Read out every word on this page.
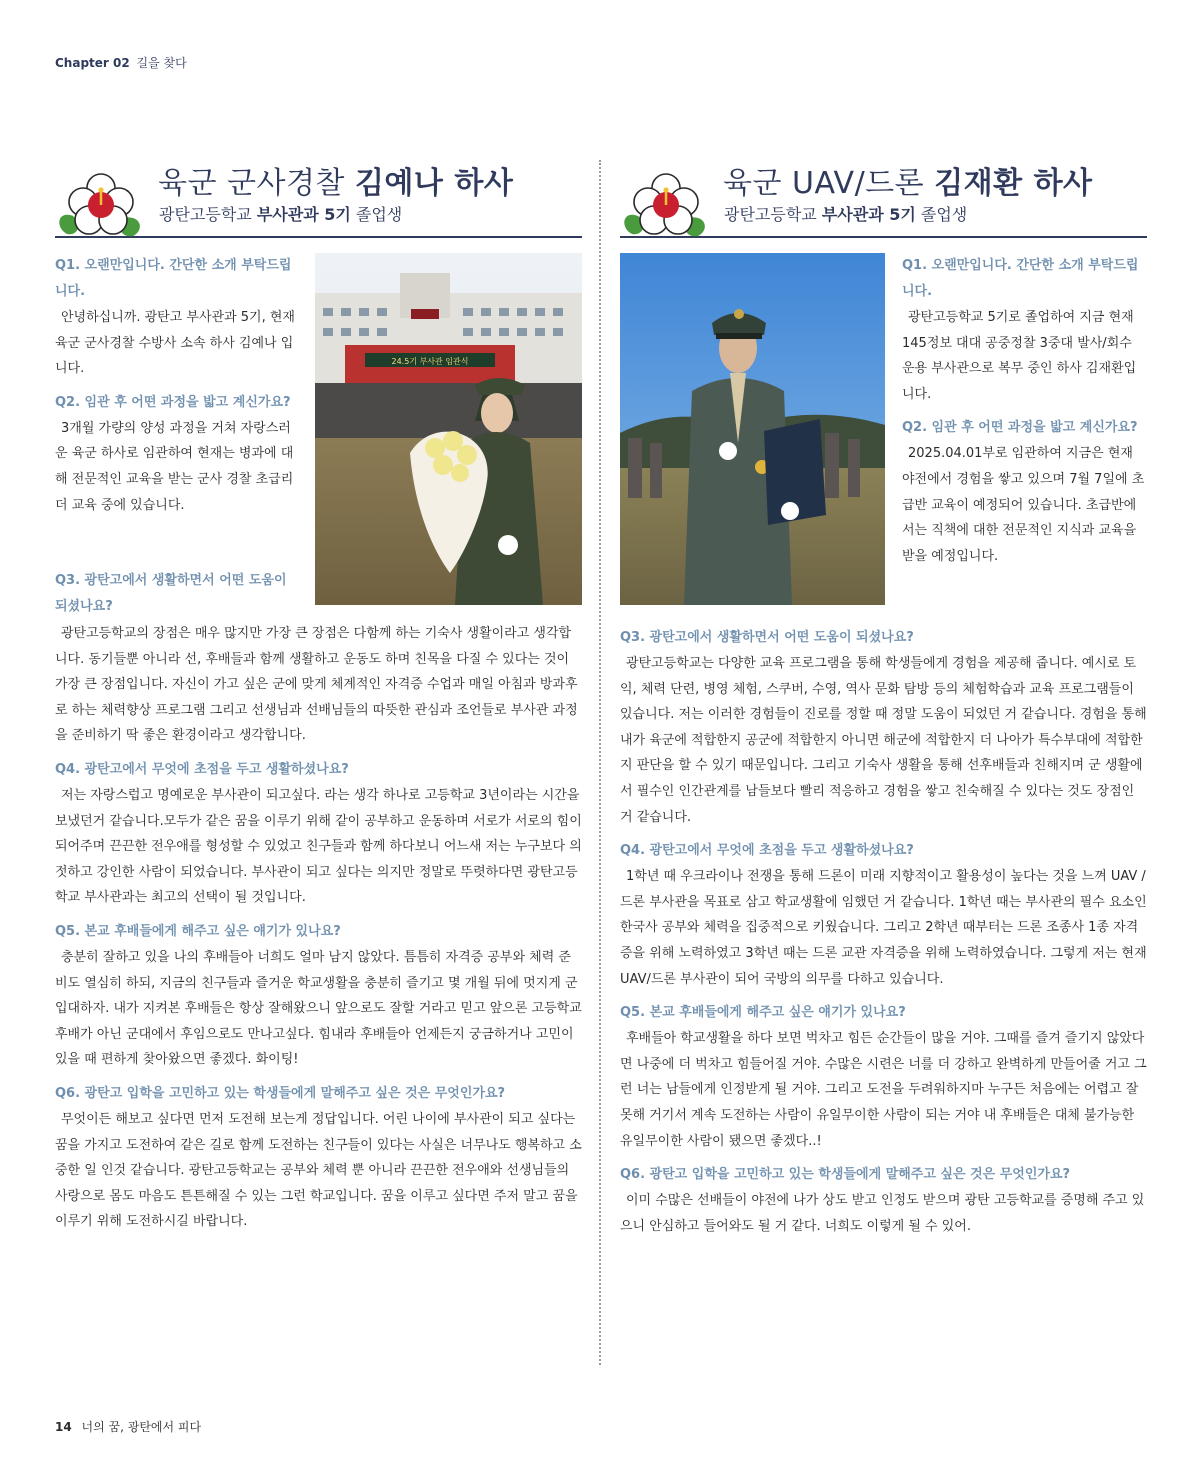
Chapter 02 길을 찾다
육군 군사경찰 김예나 하사
광탄고등학교 부사관과 5기 졸업생
24.5기 부사관 임관식

Q1. 오랜만입니다. 간단한 소개 부탁드립니다.

안녕하십니까. 광탄고 부사관과 5기, 현재 육군 군사경찰 수방사 소속 하사 김예나 입니다.

Q2. 임관 후 어떤 과정을 밟고 계신가요?

3개월 가량의 양성 과정을 거쳐 자랑스러운 육군 하사로 임관하여 현재는 병과에 대해 전문적인 교육을 받는 군사 경찰 초급리더 교육 중에 있습니다.

Q3. 광탄고에서 생활하면서 어떤 도움이 되셨나요?

광탄고등학교의 장점은 매우 많지만 가장 큰 장점은 다함께 하는 기숙사 생활이라고 생각합니다. 동기들뿐 아니라 선, 후배들과 함께 생활하고 운동도 하며 친목을 다질 수 있다는 것이 가장 큰 장점입니다. 자신이 가고 싶은 군에 맞게 체계적인 자격증 수업과 매일 아침과 방과후로 하는 체력향상 프로그램 그리고 선생님과 선배님들의 따뜻한 관심과 조언들로 부사관 과정을 준비하기 딱 좋은 환경이라고 생각합니다.

Q4. 광탄고에서 무엇에 초점을 두고 생활하셨나요?

저는 자랑스럽고 명예로운 부사관이 되고싶다. 라는 생각 하나로 고등학교 3년이라는 시간을 보냈던거 같습니다.모두가 같은 꿈을 이루기 위해 같이 공부하고 운동하며 서로가 서로의 힘이 되어주며 끈끈한 전우애를 형성할 수 있었고 친구들과 함께 하다보니 어느새 저는 누구보다 의젓하고 강인한 사람이 되었습니다. 부사관이 되고 싶다는 의지만 정말로 뚜렷하다면 광탄고등학교 부사관과는 최고의 선택이 될 것입니다.

Q5. 본교 후배들에게 해주고 싶은 얘기가 있나요?

충분히 잘하고 있을 나의 후배들아 너희도 얼마 남지 않았다. 틈틈히 자격증 공부와 체력 준비도 열심히 하되, 지금의 친구들과 즐거운 학교생활을 충분히 즐기고 몇 개월 뒤에 멋지게 군 입대하자. 내가 지켜본 후배들은 항상 잘해왔으니 앞으로도 잘할 거라고 믿고 앞으론 고등학교 후배가 아닌 군대에서 후임으로도 만나고싶다. 힘내라 후배들아 언제든지 궁금하거나 고민이 있을 때 편하게 찾아왔으면 좋겠다. 화이팅!

Q6. 광탄고 입학을 고민하고 있는 학생들에게 말해주고 싶은 것은 무엇인가요?

무엇이든 해보고 싶다면 먼저 도전해 보는게 정답입니다. 어린 나이에 부사관이 되고 싶다는 꿈을 가지고 도전하여 같은 길로 함께 도전하는 친구들이 있다는 사실은 너무나도 행복하고 소중한 일 인것 같습니다. 광탄고등학교는 공부와 체력 뿐 아니라 끈끈한 전우애와 선생님들의 사랑으로 몸도 마음도 튼튼해질 수 있는 그런 학교입니다. 꿈을 이루고 싶다면 주저 말고 꿈을 이루기 위해 도전하시길 바랍니다.

육군 UAV/드론 김재환 하사
광탄고등학교 부사관과 5기 졸업생

Q1. 오랜만입니다. 간단한 소개 부탁드립니다.

광탄고등학교 5기로 졸업하여 지금 현재 145정보 대대 공중정찰 3중대 발사/회수 운용 부사관으로 복무 중인 하사 김재환입니다.

Q2. 임관 후 어떤 과정을 밟고 계신가요?

2025.04.01부로 임관하여 지금은 현재 야전에서 경험을 쌓고 있으며 7월 7일에 초급반 교육이 예정되어 있습니다. 초급반에서는 직책에 대한 전문적인 지식과 교육을 받을 예정입니다.

Q3. 광탄고에서 생활하면서 어떤 도움이 되셨나요?

광탄고등학교는 다양한 교육 프로그램을 통해 학생들에게 경험을 제공해 줍니다. 예시로 토익, 체력 단련, 병영 체험, 스쿠버, 수영, 역사 문화 탐방 등의 체험학습과 교육 프로그램들이 있습니다. 저는 이러한 경험들이 진로를 정할 때 정말 도움이 되었던 거 같습니다. 경험을 통해 내가 육군에 적합한지 공군에 적합한지 아니면 해군에 적합한지 더 나아가 특수부대에 적합한지 판단을 할 수 있기 때문입니다. 그리고 기숙사 생활을 통해 선후배들과 친해지며 군 생활에서 필수인 인간관계를 남들보다 빨리 적응하고 경험을 쌓고 친숙해질 수 있다는 것도 장점인 거 같습니다.

Q4. 광탄고에서 무엇에 초점을 두고 생활하셨나요?

1학년 때 우크라이나 전쟁을 통해 드론이 미래 지향적이고 활용성이 높다는 것을 느껴 UAV / 드론 부사관을 목표로 삼고 학교생활에 임했던 거 같습니다. 1학년 때는 부사관의 필수 요소인 한국사 공부와 체력을 집중적으로 키웠습니다. 그리고 2학년 때부터는 드론 조종사 1종 자격증을 위해 노력하였고 3학년 때는 드론 교관 자격증을 위해 노력하였습니다. 그렇게 저는 현재 UAV/드론 부사관이 되어 국방의 의무를 다하고 있습니다.

Q5. 본교 후배들에게 해주고 싶은 얘기가 있나요?

후배들아 학교생활을 하다 보면 벅차고 힘든 순간들이 많을 거야. 그때를 즐겨 즐기지 않았다면 나중에 더 벅차고 힘들어질 거야. 수많은 시련은 너를 더 강하고 완벽하게 만들어줄 거고 그런 너는 남들에게 인정받게 될 거야. 그리고 도전을 두려워하지마 누구든 처음에는 어렵고 잘 못해 거기서 계속 도전하는 사람이 유일무이한 사람이 되는 거야 내 후배들은 대체 불가능한 유일무이한 사람이 됐으면 좋겠다..!

Q6. 광탄고 입학을 고민하고 있는 학생들에게 말해주고 싶은 것은 무엇인가요?

이미 수많은 선배들이 야전에 나가 상도 받고 인정도 받으며 광탄 고등학교를 증명해 주고 있으니 안심하고 들어와도 될 거 같다. 너희도 이렇게 될 수 있어.

14 너의 꿈, 광탄에서 피다
